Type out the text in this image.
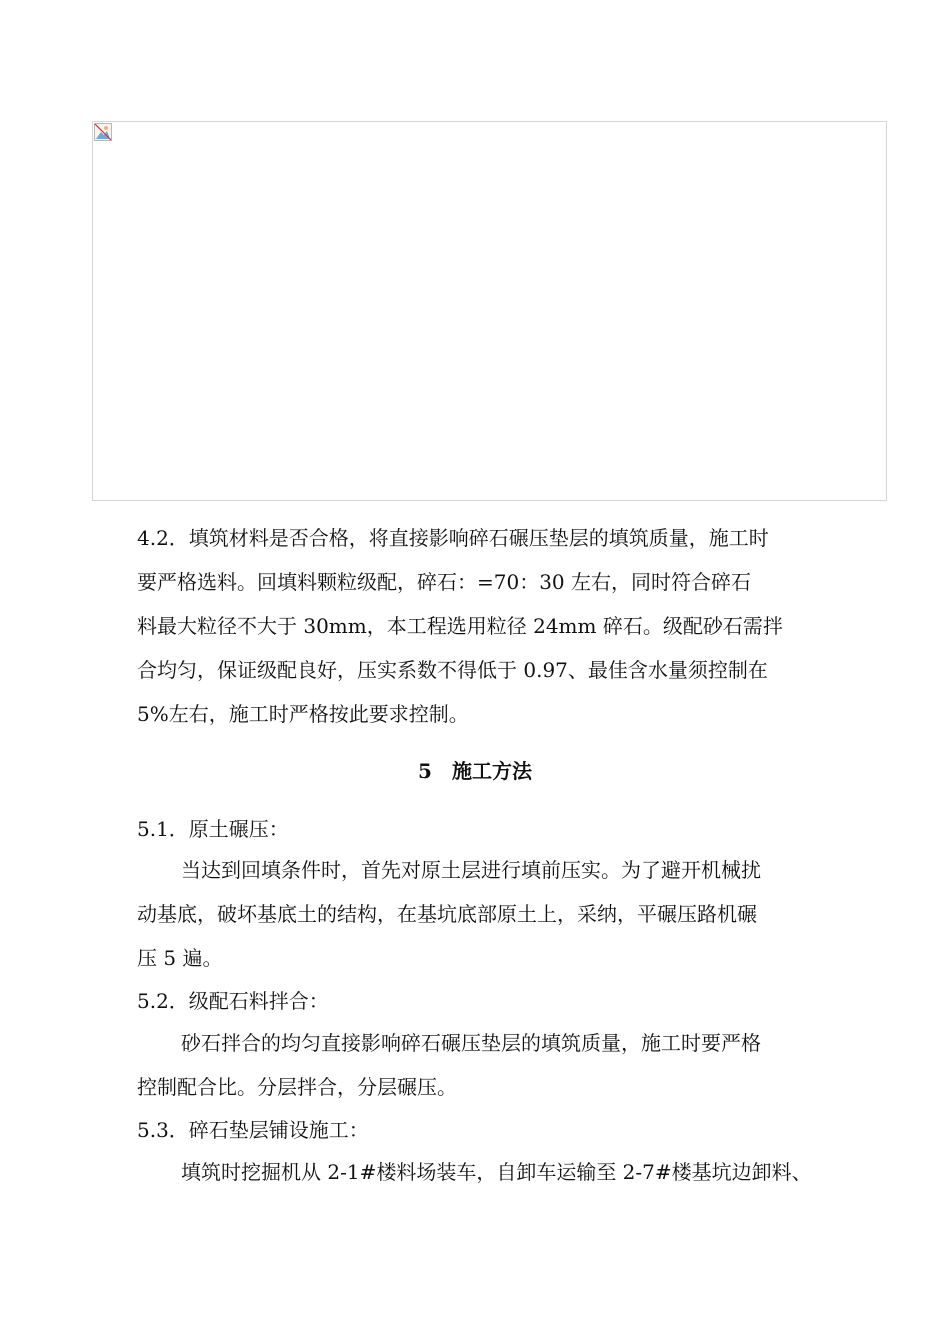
4.2．填筑材料是否合格，将直接影响碎石碾压垫层的填筑质量，施工时
要严格选料。回填料颗粒级配，碎石：=70：30 左右，同时符合碎石
料最大粒径不大于 30mm，本工程选用粒径 24mm 碎石。级配砂石需拌
合均匀，保证级配良好，压实系数不得低于 0.97、最佳含水量须控制在
5%左右，施工时严格按此要求控制。
5　施工方法
5.1．原土碾压：
当达到回填条件时，首先对原土层进行填前压实。为了避开机械扰
动基底，破坏基底土的结构，在基坑底部原土上，采纳，平碾压路机碾
压 5 遍。
5.2．级配石料拌合：
砂石拌合的均匀直接影响碎石碾压垫层的填筑质量，施工时要严格
控制配合比。分层拌合，分层碾压。
5.3．碎石垫层铺设施工：
填筑时挖掘机从 2-1#楼料场装车，自卸车运输至 2-7#楼基坑边卸料、
